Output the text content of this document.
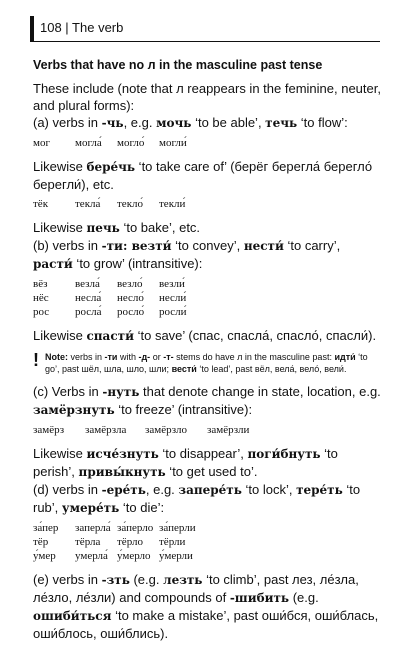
108 | The verb
Verbs that have no л in the masculine past tense

These include (note that л reappears in the feminine, neuter, and plural forms):

(a) verbs in -чь, e.g. мочь ‘to be able’, течь ‘to flow’:

мог могла́ могло́ могли́

Likewise бере́чь ‘to take care of’ (берёг берегла́ берегло́ берегли́), etc.

тёк текла́ текло́ текли́

Likewise печь ‘to bake’, etc.

(b) verbs in -ти: везти́ ‘to convey’, нести́ ‘to carry’, расти́ ‘to grow’ (intransitive):

вёз	везла́ везло́ везли́
нёс несла́ несло́ несли́
рос росла́ росло́ росли́

Likewise спасти́ ‘to save’ (спас, спасла́, спасло́, спасли́).

! Note: verbs in -ти with -д- or -т- stems do have л in the masculine past: идти́ ‘to go’, past шёл, шла, шло, шли; вести́ ‘to lead’, past вёл, вела́, вело́, вели́.

(c) Verbs in -нуть that denote change in state, location, e.g. замёрзнуть ‘to freeze’ (intransitive):

замёрз замёрзла замёрзло замёрзли

Likewise исче́знуть ‘to disappear’, поги́бнуть ‘to perish’, привы́кнуть ‘to get used to’.

(d) verbs in -ере́ть, e.g. запере́ть ‘to lock’, тере́ть ‘to rub’, умере́ть ‘to die’:

за́пер заперла́ за́перло за́перли
тёр тёрла тёрло тёрли
у́мер умерла́ у́мерло у́мерли

(e) verbs in -зть (e.g. лезть ‘to climb’, past лез, ле́зла, ле́зло, ле́зли) and compounds of -шибить (e.g. ошиби́ться ‘to make a mistake’, past оши́бся, оши́блась, оши́блось, оши́блись).
